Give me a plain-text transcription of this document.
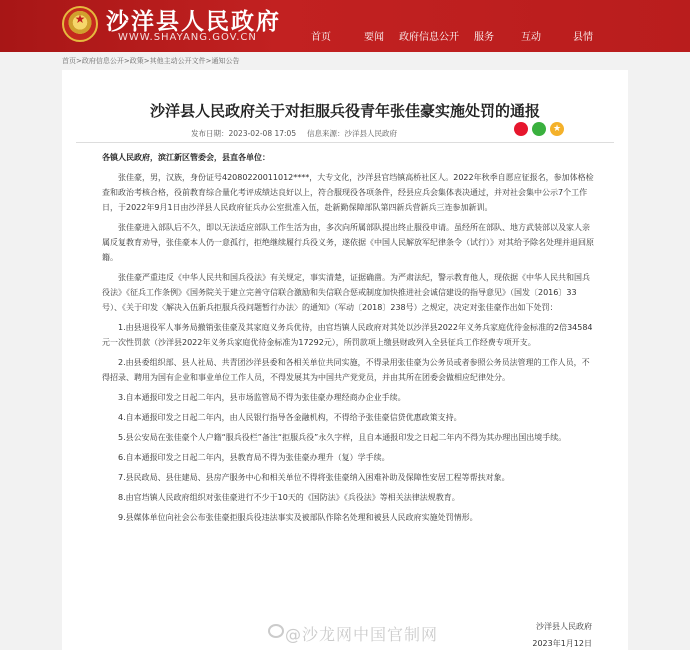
★ 沙洋县人民政府
WWW.SHAYANG.GOV.CN	首页	要闻 政府信息公开 服务	互动	县情
首页>政府信息公开>政策>其他主动公开文件>通知公告
沙洋县人民政府关于对拒服兵役青年张佳豪实施处罚的通报
发布日期：2023-02-08 17:05 信息来源：沙洋县人民政府	★

各镇人民政府，滨江新区管委会，县直各单位：

张佳豪，男，汉族，身份证号42080220011012****，大专文化，沙洋县官垱镇高桥社区人。2022年秋季自愿应征报名，参加体格检查和政治考核合格，役前教育综合量化考评成绩达良好以上，符合服现役各项条件，经县应兵会集体表决通过，并对社会集中公示7个工作日，于2022年9月1日由沙洋县人民政府征兵办公室批准入伍，赴新勤保障部队第四新兵营新兵三连参加新训。

张佳豪进入部队后不久，即以无法适应部队工作生活为由，多次向所属部队提出终止服役申请。虽经所在部队、地方武装部以及家人亲属反复教育劝导，张佳豪本人仍一意孤行，拒绝继续履行兵役义务，遂依据《中国人民解放军纪律条令（试行）》对其给予除名处理并退回原籍。

张佳豪严重违反《中华人民共和国兵役法》有关规定，事实清楚，证据确凿。为严肃法纪，警示教育他人，现依据《中华人民共和国兵役法》《征兵工作条例》《国务院关于建立完善守信联合激励和失信联合惩戒制度加快推进社会诚信建设的指导意见》（国发〔2016〕33号）、《关于印发〈解决入伍新兵拒服兵役问题暂行办法〉的通知》（军动〔2018〕238号）之规定，决定对张佳豪作出如下处罚：

1.由县退役军人事务局撤销张佳豪及其家庭义务兵优待，由官垱镇人民政府对其处以沙洋县2022年义务兵家庭优待金标准的2倍34584元一次性罚款（沙洋县2022年义务兵家庭优待金标准为17292元），所罚款项上缴县财政列入全县征兵工作经费专项开支。

2.由县委组织部、县人社局、共青团沙洋县委和各相关单位共同实施，不得录用张佳豪为公务员或者参照公务员法管理的工作人员，不得招录、聘用为国有企业和事业单位工作人员，不得发展其为中国共产党党员，并由其所在团委会做相应纪律处分。

3.自本通报印发之日起二年内，县市场监管局不得为张佳豪办理经商办企业手续。

4.自本通报印发之日起二年内，由人民银行指导各金融机构，不得给予张佳豪信贷优惠政策支持。

5.县公安局在张佳豪个人户籍“服兵役栏”备注“拒服兵役”永久字样，且自本通报印发之日起二年内不得为其办理出国出境手续。

6.自本通报印发之日起二年内，县教育局不得为张佳豪办理升（复）学手续。

7.县民政局、县住建局、县房产服务中心和相关单位不得将张佳豪纳入困难补助及保障性安居工程等帮扶对象。

8.由官垱镇人民政府组织对张佳豪进行不少于10天的《国防法》《兵役法》等相关法律法规教育。

9.县媒体单位向社会公布张佳豪拒服兵役违法事实及被部队作除名处理和被县人民政府实施处罚情形。

沙洋县人民政府
2023年1月12日
@沙龙网中国官制网
